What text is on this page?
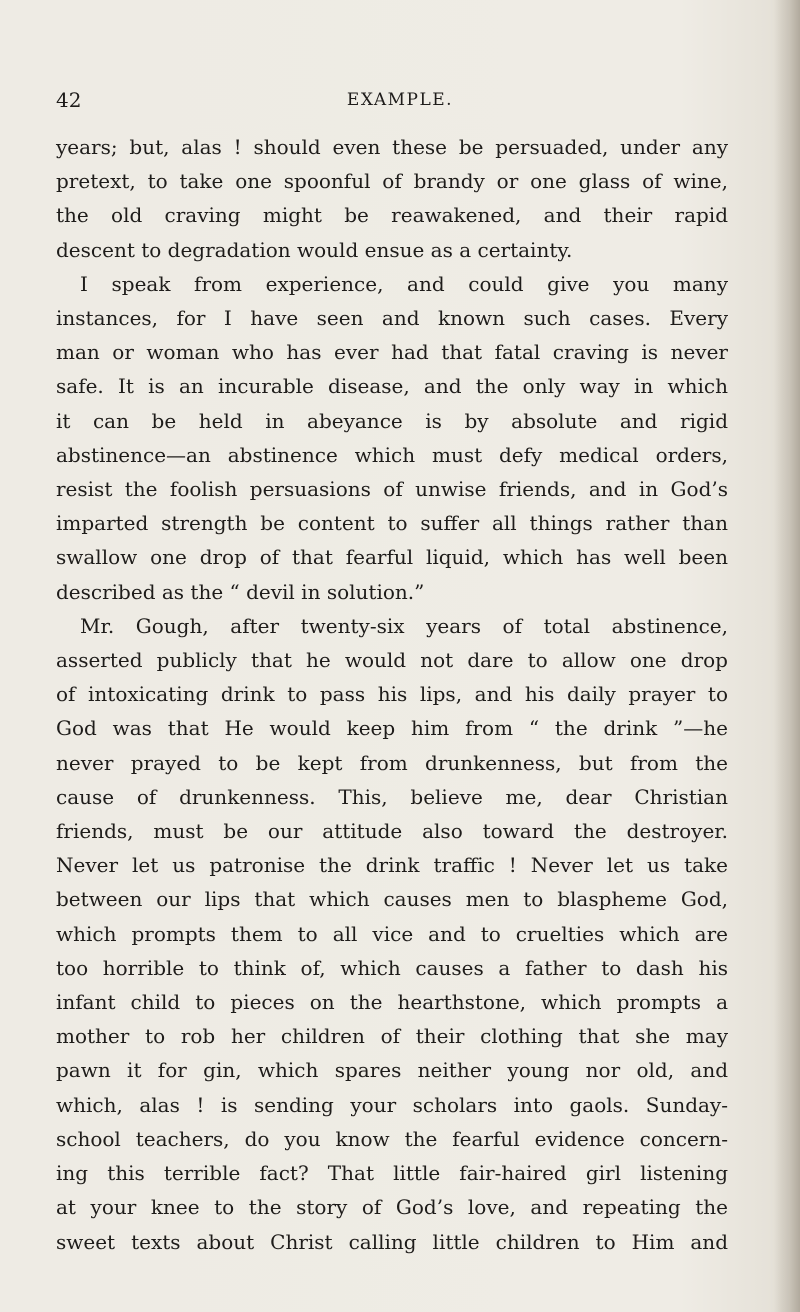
42	EXAMPLE.
years; but, alas ! should even these be persuaded, under any
pretext, to take one spoonful of brandy or one glass of wine,
the old craving might be reawakened, and their rapid
descent to degradation would ensue as a certainty.
I speak from experience, and could give you many
instances, for I have seen and known such cases. Every
man or woman who has ever had that fatal craving is never
safe. It is an incurable disease, and the only way in which
it can be held in abeyance is by absolute and rigid
abstinence—an abstinence which must defy medical orders,
resist the foolish persuasions of unwise friends, and in God’s
imparted strength be content to suffer all things rather than
swallow one drop of that fearful liquid, which has well been
described as the “ devil in solution.”
Mr. Gough, after twenty-six years of total abstinence,
asserted publicly that he would not dare to allow one drop
of intoxicating drink to pass his lips, and his daily prayer to
God was that He would keep him from “ the drink ”—he
never prayed to be kept from drunkenness, but from the
cause of drunkenness. This, believe me, dear Christian
friends, must be our attitude also toward the destroyer.
Never let us patronise the drink traffic ! Never let us take
between our lips that which causes men to blaspheme God,
which prompts them to all vice and to cruelties which are
too horrible to think of, which causes a father to dash his
infant child to pieces on the hearthstone, which prompts a
mother to rob her children of their clothing that she may
pawn it for gin, which spares neither young nor old, and
which, alas ! is sending your scholars into gaols. Sunday-
school teachers, do you know the fearful evidence concern-
ing this terrible fact? That little fair-haired girl listening
at your knee to the story of God’s love, and repeating the
sweet texts about Christ calling little children to Him and
